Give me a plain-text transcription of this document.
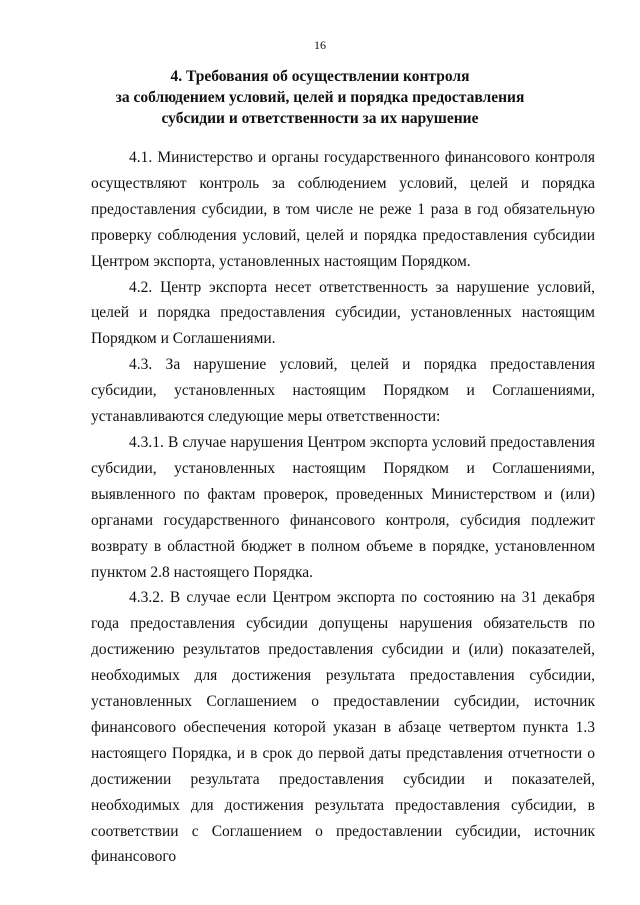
16
4. Требования об осуществлении контроля
за соблюдением условий, целей и порядка предоставления
субсидии и ответственности за их нарушение

4.1. Министерство и органы государственного финансового контроля осуществляют контроль за соблюдением условий, целей и порядка предоставления субсидии, в том числе не реже 1 раза в год обязательную проверку соблюдения условий, целей и порядка предоставления субсидии Центром экспорта, установленных настоящим Порядком.

4.2. Центр экспорта несет ответственность за нарушение условий, целей и порядка предоставления субсидии, установленных настоящим Порядком и Соглашениями.

4.3. За нарушение условий, целей и порядка предоставления субсидии, установленных настоящим Порядком и Соглашениями, устанавливаются следующие меры ответственности:

4.3.1. В случае нарушения Центром экспорта условий предоставления субсидии, установленных настоящим Порядком и Соглашениями, выявленного по фактам проверок, проведенных Министерством и (или) органами государственного финансового контроля, субсидия подлежит возврату в областной бюджет в полном объеме в порядке, установленном пунктом 2.8 настоящего Порядка.

4.3.2. В случае если Центром экспорта по состоянию на 31 декабря года предоставления субсидии допущены нарушения обязательств по достижению результатов предоставления субсидии и (или) показателей, необходимых для достижения результата предоставления субсидии, установленных Соглашением о предоставлении субсидии, источник финансового обеспечения которой указан в абзаце четвертом пункта 1.3 настоящего Порядка, и в срок до первой даты представления отчетности о достижении результата предоставления субсидии и показателей, необходимых для достижения результата предоставления субсидии, в соответствии с Соглашением о предоставлении субсидии, источник финансового
